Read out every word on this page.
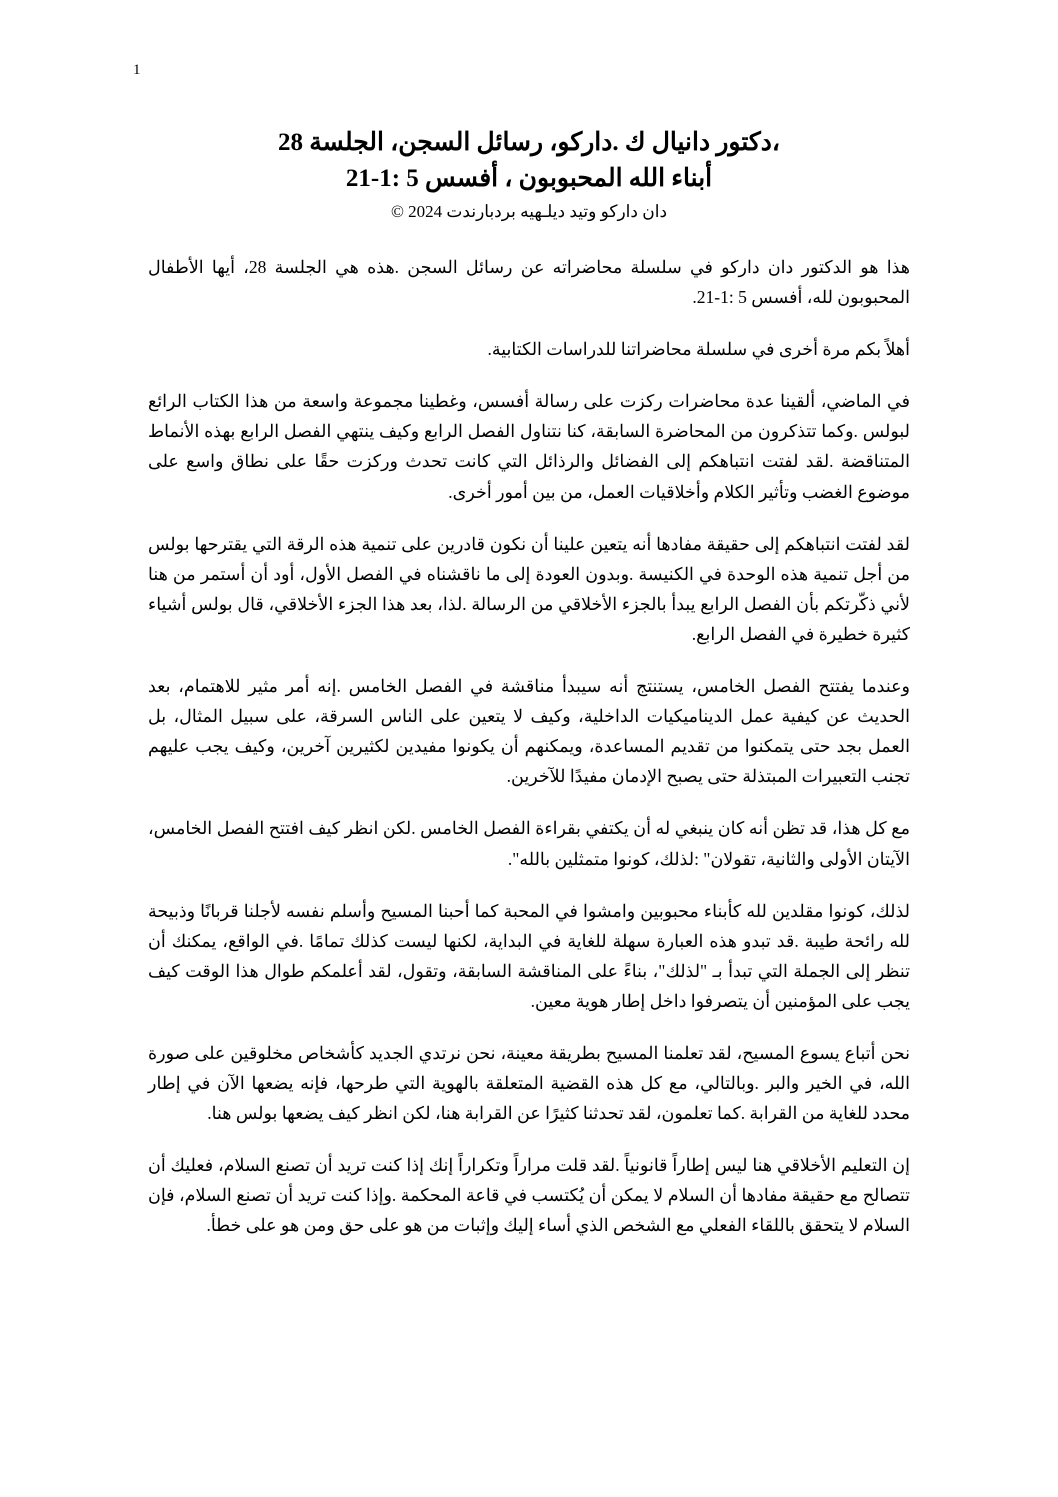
1
،دكتور دانيال ك .داركو، رسائل السجن، الجلسة 28
أبناء الله المحبوبون ، أفسس 5 :1-21
دان داركو وتيد ديلـهيه بردبارندت 2024 ©

هذا هو الدكتور دان داركو في سلسلة محاضراته عن رسائل السجن .هذه هي الجلسة 28، أيها الأطفال المحبوبون لله، أفسس 5 :1-21.

أهلاً بكم مرة أخرى في سلسلة محاضراتنا للدراسات الكتابية.

في الماضي، ألقينا عدة محاضرات ركزت على رسالة أفسس، وغطينا مجموعة واسعة من هذا الكتاب الرائع لبولس .وكما تتذكرون من المحاضرة السابقة، كنا نتناول الفصل الرابع وكيف ينتهي الفصل الرابع بهذه الأنماط المتناقضة .لقد لفتت انتباهكم إلى الفضائل والرذائل التي كانت تحدث وركزت حقًا على نطاق واسع على موضوع الغضب وتأثير الكلام وأخلاقيات العمل، من بين أمور أخرى.

لقد لفتت انتباهكم إلى حقيقة مفادها أنه يتعين علينا أن نكون قادرين على تنمية هذه الرقة التي يقترحها بولس من أجل تنمية هذه الوحدة في الكنيسة .وبدون العودة إلى ما ناقشناه في الفصل الأول، أود أن أستمر من هنا لأني ذكّرتكم بأن الفصل الرابع يبدأ بالجزء الأخلاقي من الرسالة .لذا، بعد هذا الجزء الأخلاقي، قال بولس أشياء كثيرة خطيرة في الفصل الرابع.

وعندما يفتتح الفصل الخامس، يستنتج أنه سيبدأ مناقشة في الفصل الخامس .إنه أمر مثير للاهتمام، بعد الحديث عن كيفية عمل الديناميكيات الداخلية، وكيف لا يتعين على الناس السرقة، على سبيل المثال، بل العمل بجد حتى يتمكنوا من تقديم المساعدة، ويمكنهم أن يكونوا مفيدين لكثيرين آخرين، وكيف يجب عليهم تجنب التعبيرات المبتذلة حتى يصبح الإدمان مفيدًا للآخرين.

مع كل هذا، قد تظن أنه كان ينبغي له أن يكتفي بقراءة الفصل الخامس .لكن انظر كيف افتتح الفصل الخامس، الآيتان الأولى والثانية، تقولان" :لذلك، كونوا متمثلين بالله".

لذلك، كونوا مقلدين لله كأبناء محبوبين وامشوا في المحبة كما أحبنا المسيح وأسلم نفسه لأجلنا قربانًا وذبيحة لله رائحة طيبة .قد تبدو هذه العبارة سهلة للغاية في البداية، لكنها ليست كذلك تمامًا .في الواقع، يمكنك أن تنظر إلى الجملة التي تبدأ بـ "لذلك"، بناءً على المناقشة السابقة، وتقول، لقد أعلمكم طوال هذا الوقت كيف يجب على المؤمنين أن يتصرفوا داخل إطار هوية معين.

نحن أتباع يسوع المسيح، لقد تعلمنا المسيح بطريقة معينة، نحن نرتدي الجديد كأشخاص مخلوقين على صورة الله، في الخير والبر .وبالتالي، مع كل هذه القضية المتعلقة بالهوية التي طرحها، فإنه يضعها الآن في إطار محدد للغاية من القرابة .كما تعلمون، لقد تحدثنا كثيرًا عن القرابة هنا، لكن انظر كيف يضعها بولس هنا.

إن التعليم الأخلاقي هنا ليس إطاراً قانونياً .لقد قلت مراراً وتكراراً إنك إذا كنت تريد أن تصنع السلام، فعليك أن تتصالح مع حقيقة مفادها أن السلام لا يمكن أن يُكتسب في قاعة المحكمة .وإذا كنت تريد أن تصنع السلام، فإن السلام لا يتحقق باللقاء الفعلي مع الشخص الذي أساء إليك وإثبات من هو على حق ومن هو على خطأ.
